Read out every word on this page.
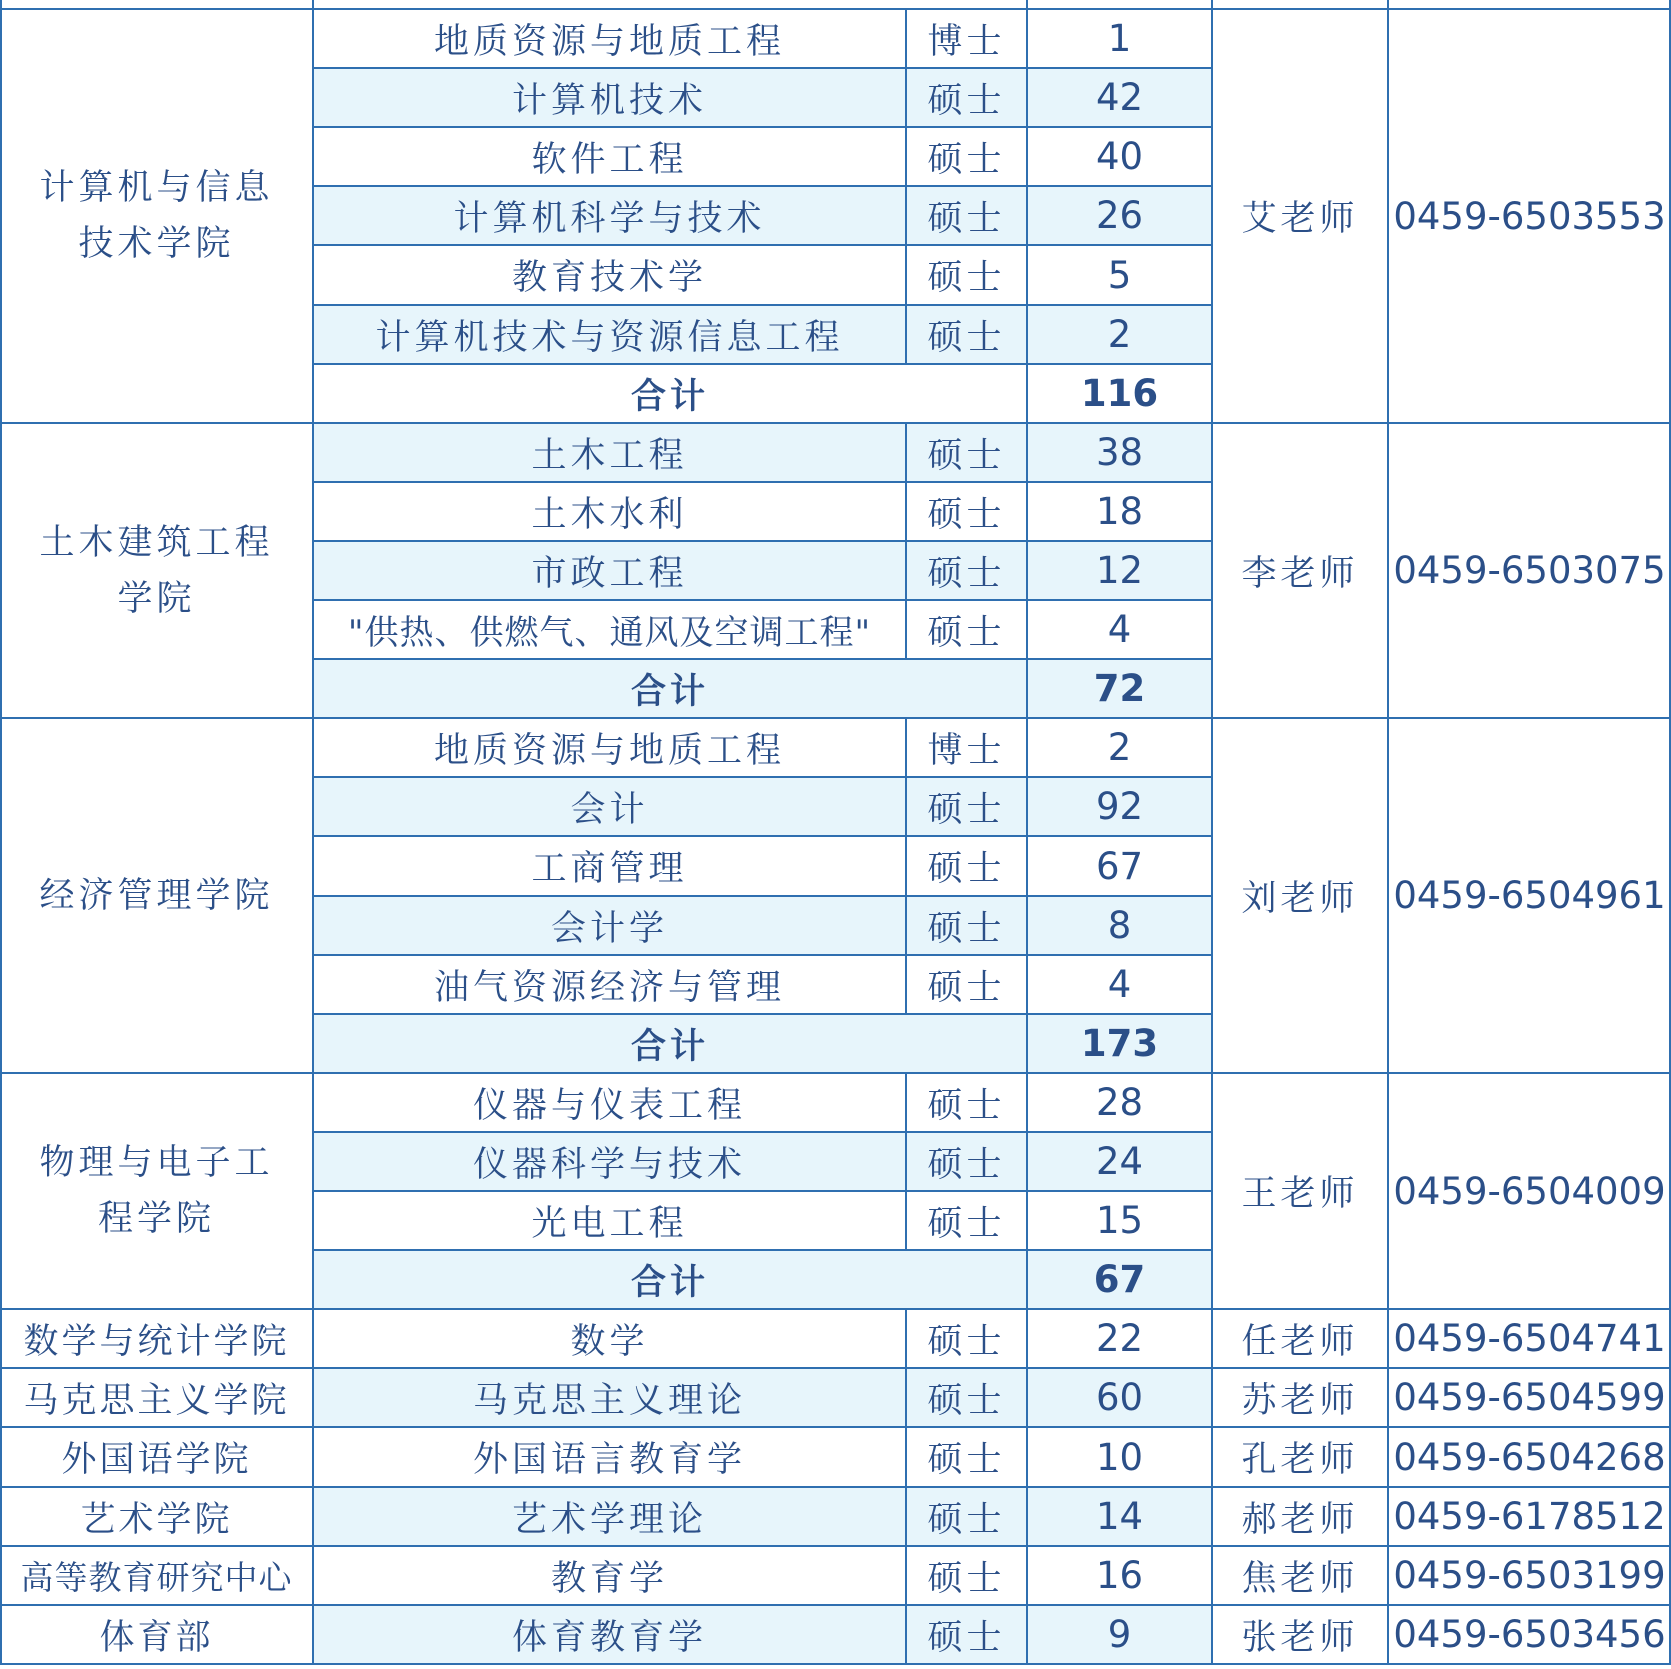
计算机与信息技术学院
地质资源与地质工程	博士	1
计算机技术	硕士	42
软件工程	硕士	40
计算机科学与技术	硕士	26
教育技术学	硕士	5
计算机技术与资源信息工程	硕士	2
合计	116
艾老师 0459-6503553
土木建筑工程学院
土木工程	硕士	38
土木水利	硕士	18
市政工程	硕士	12
"供热、供燃气、通风及空调工程"	硕士	4
合计	72
李老师 0459-6503075
经济管理学院
地质资源与地质工程	博士	2
会计	硕士	92
工商管理	硕士	67
会计学	硕士	8
油气资源经济与管理	硕士	4
合计	173
刘老师 0459-6504961
物理与电子工程学院
仪器与仪表工程	硕士	28
仪器科学与技术	硕士	24
光电工程	硕士	15
合计	67
王老师 0459-6504009
数学与统计学院	数学	硕士	22	任老师 0459-6504741
马克思主义学院	马克思主义理论	硕士	60	苏老师 0459-6504599
外国语学院	外国语言教育学	硕士	10	孔老师 0459-6504268
艺术学院	艺术学理论	硕士	14	郝老师 0459-6178512
高等教育研究中心	教育学	硕士	16	焦老师 0459-6503199
体育部	体育教育学	硕士	9	张老师 0459-6503456
